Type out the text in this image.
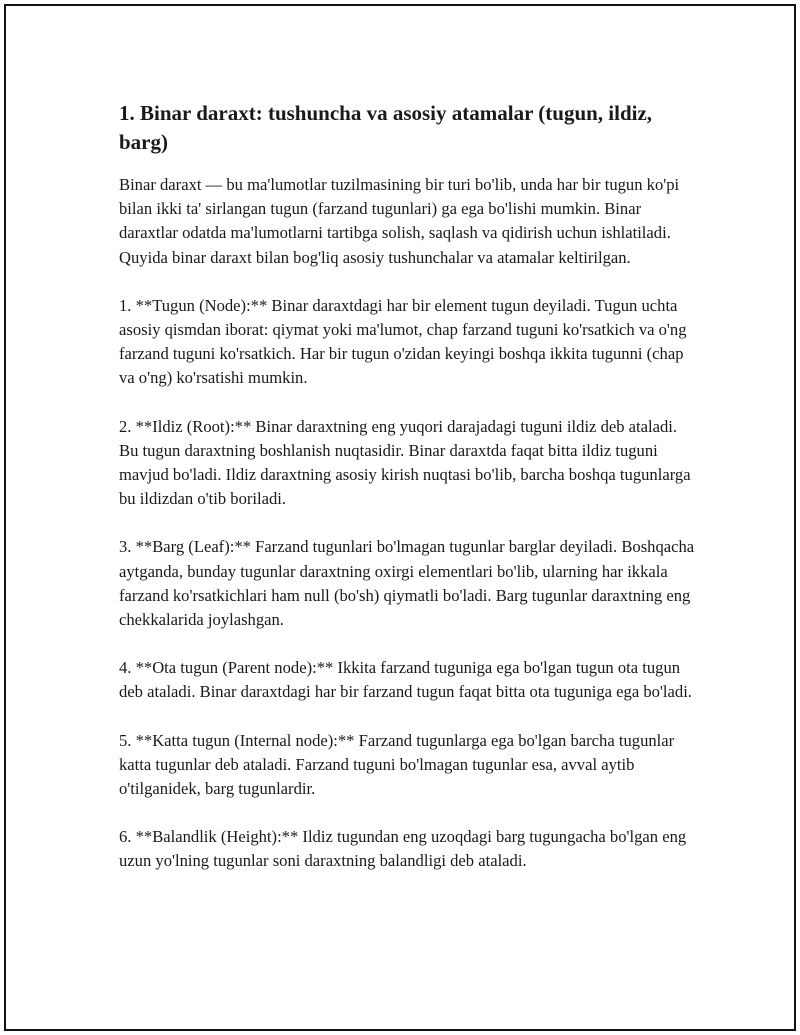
1. Binar daraxt: tushuncha va asosiy atamalar (tugun, ildiz, barg)

Binar daraxt — bu ma'lumotlar tuzilmasining bir turi bo'lib, unda har bir tugun ko'pi bilan ikki ta' sirlangan tugun (farzand tugunlari) ga ega bo'lishi mumkin. Binar daraxtlar odatda ma'lumotlarni tartibga solish, saqlash va qidirish uchun ishlatiladi. Quyida binar daraxt bilan bog'liq asosiy tushunchalar va atamalar keltirilgan.

1. **Tugun (Node):** Binar daraxtdagi har bir element tugun deyiladi. Tugun uchta asosiy qismdan iborat: qiymat yoki ma'lumot, chap farzand tuguni ko'rsatkich va o'ng farzand tuguni ko'rsatkich. Har bir tugun o'zidan keyingi boshqa ikkita tugunni (chap va o'ng) ko'rsatishi mumkin.

2. **Ildiz (Root):** Binar daraxtning eng yuqori darajadagi tuguni ildiz deb ataladi. Bu tugun daraxtning boshlanish nuqtasidir. Binar daraxtda faqat bitta ildiz tuguni mavjud bo'ladi. Ildiz daraxtning asosiy kirish nuqtasi bo'lib, barcha boshqa tugunlarga bu ildizdan o'tib boriladi.

3. **Barg (Leaf):** Farzand tugunlari bo'lmagan tugunlar barglar deyiladi. Boshqacha aytganda, bunday tugunlar daraxtning oxirgi elementlari bo'lib, ularning har ikkala farzand ko'rsatkichlari ham null (bo'sh) qiymatli bo'ladi. Barg tugunlar daraxtning eng chekkalarida joylashgan.

4. **Ota tugun (Parent node):** Ikkita farzand tuguniga ega bo'lgan tugun ota tugun deb ataladi. Binar daraxtdagi har bir farzand tugun faqat bitta ota tuguniga ega bo'ladi.

5. **Katta tugun (Internal node):** Farzand tugunlarga ega bo'lgan barcha tugunlar katta tugunlar deb ataladi. Farzand tuguni bo'lmagan tugunlar esa, avval aytib o'tilganidek, barg tugunlardir.

6. **Balandlik (Height):** Ildiz tugundan eng uzoqdagi barg tugungacha bo'lgan eng uzun yo'lning tugunlar soni daraxtning balandligi deb ataladi.
